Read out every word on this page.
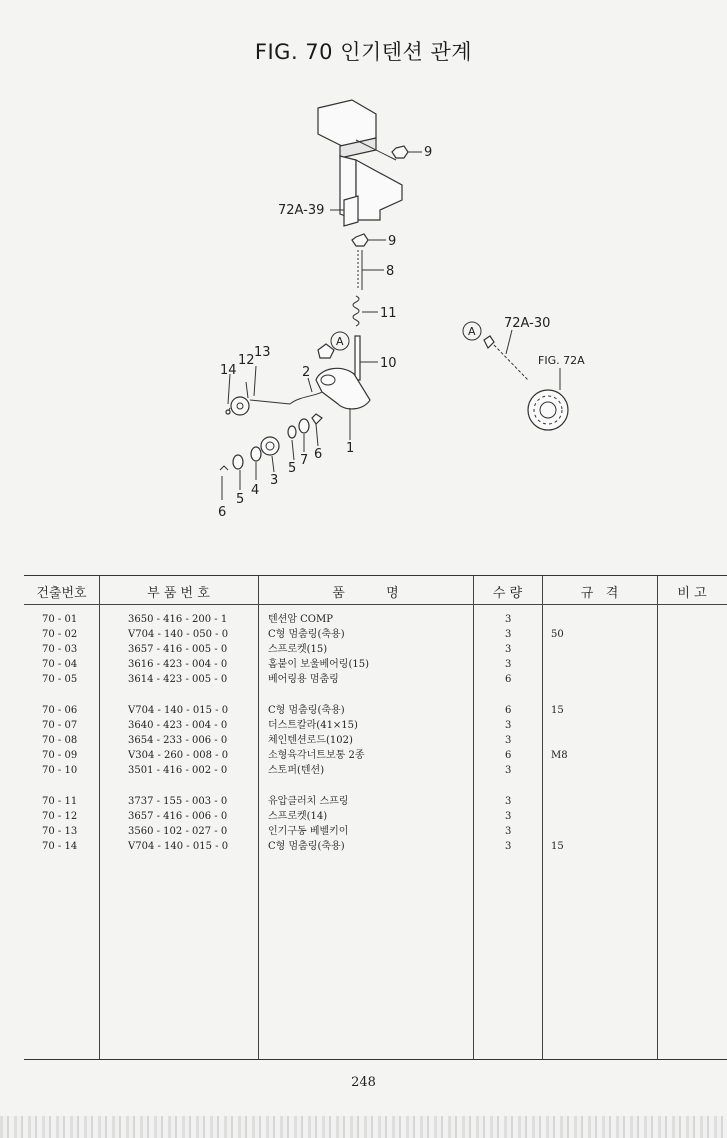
FIG. 70 인기텐션 관계
9
72A-39
9
8
11
A
10
1
2
12
13
14
6
7
5
3
4
5
6
A
72A-30
FIG. 72A
건출번호	부 품 번 호	품          명	수 량	규   격	비 고
70 - 01	3650 - 416 - 200 - 1	텐션암 COMP	3
70 - 02	V704 - 140 - 050 - 0	C형 멈춤링(축용)	3	50
70 - 03	3657 - 416 - 005 - 0	스프로켓(15)	3
70 - 04	3616 - 423 - 004 - 0	홈붙이 보울베어링(15)	3
70 - 05	3614 - 423 - 005 - 0	베어링용 멈춤링	6
70 - 06	V704 - 140 - 015 - 0	C형 멈춤링(축용)	6	15
70 - 07	3640 - 423 - 004 - 0	더스트칼라(41×15)	3
70 - 08	3654 - 233 - 006 - 0	체인텐션로드(102)	3
70 - 09	V304 - 260 - 008 - 0	소형육각너트보통 2종	6	M8
70 - 10	3501 - 416 - 002 - 0	스토퍼(텐션)	3
70 - 11	3737 - 155 - 003 - 0	유압클러치 스프링	3
70 - 12	3657 - 416 - 006 - 0	스프로켓(14)	3
70 - 13	3560 - 102 - 027 - 0	인기구동 베벨키이	3
70 - 14	V704 - 140 - 015 - 0	C형 멈춤링(축용)	3	15
248
